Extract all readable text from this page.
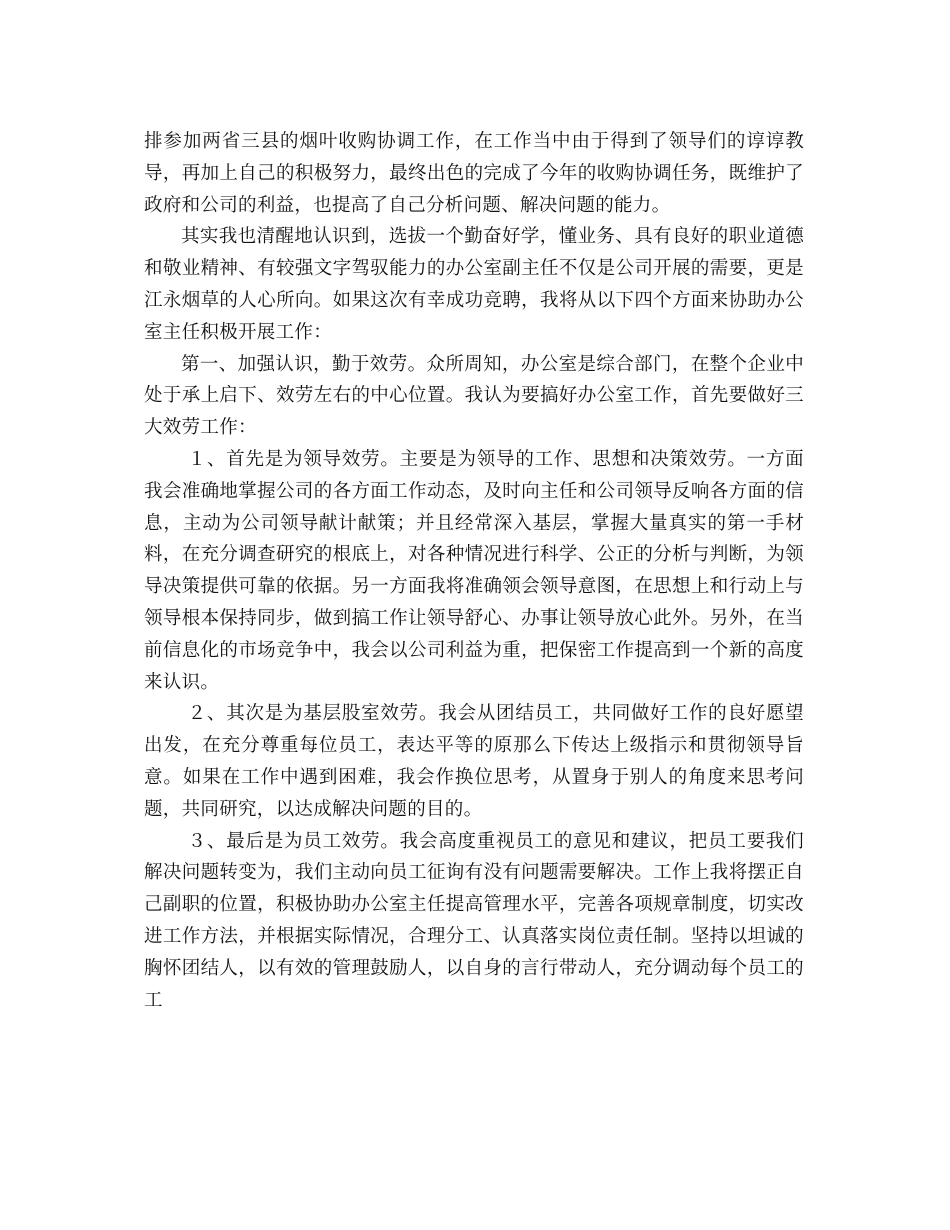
排参加两省三县的烟叶收购协调工作，在工作当中由于得到了领导们的谆谆教导，再加上自己的积极努力，最终出色的完成了今年的收购协调任务，既维护了政府和公司的利益，也提高了自己分析问题、解决问题的能力。

其实我也清醒地认识到，选拔一个勤奋好学，懂业务、具有良好的职业道德和敬业精神、有较强文字驾驭能力的办公室副主任不仅是公司开展的需要，更是江永烟草的人心所向。如果这次有幸成功竞聘，我将从以下四个方面来协助办公室主任积极开展工作：

第一、加强认识，勤于效劳。众所周知，办公室是综合部门，在整个企业中处于承上启下、效劳左右的中心位置。我认为要搞好办公室工作，首先要做好三大效劳工作：

１、首先是为领导效劳。主要是为领导的工作、思想和决策效劳。一方面我会准确地掌握公司的各方面工作动态，及时向主任和公司领导反响各方面的信息，主动为公司领导献计献策；并且经常深入基层，掌握大量真实的第一手材料，在充分调查研究的根底上，对各种情况进行科学、公正的分析与判断，为领导决策提供可靠的依据。另一方面我将准确领会领导意图，在思想上和行动上与领导根本保持同步，做到搞工作让领导舒心、办事让领导放心此外。另外，在当前信息化的市场竞争中，我会以公司利益为重，把保密工作提高到一个新的高度来认识。

２、其次是为基层股室效劳。我会从团结员工，共同做好工作的良好愿望出发，在充分尊重每位员工，表达平等的原那么下传达上级指示和贯彻领导旨意。如果在工作中遇到困难，我会作换位思考，从置身于别人的角度来思考问题，共同研究，以达成解决问题的目的。

３、最后是为员工效劳。我会高度重视员工的意见和建议，把员工要我们解决问题转变为，我们主动向员工征询有没有问题需要解决。工作上我将摆正自己副职的位置，积极协助办公室主任提高管理水平，完善各项规章制度，切实改进工作方法，并根据实际情况，合理分工、认真落实岗位责任制。坚持以坦诚的胸怀团结人，以有效的管理鼓励人，以自身的言行带动人，充分调动每个员工的工
